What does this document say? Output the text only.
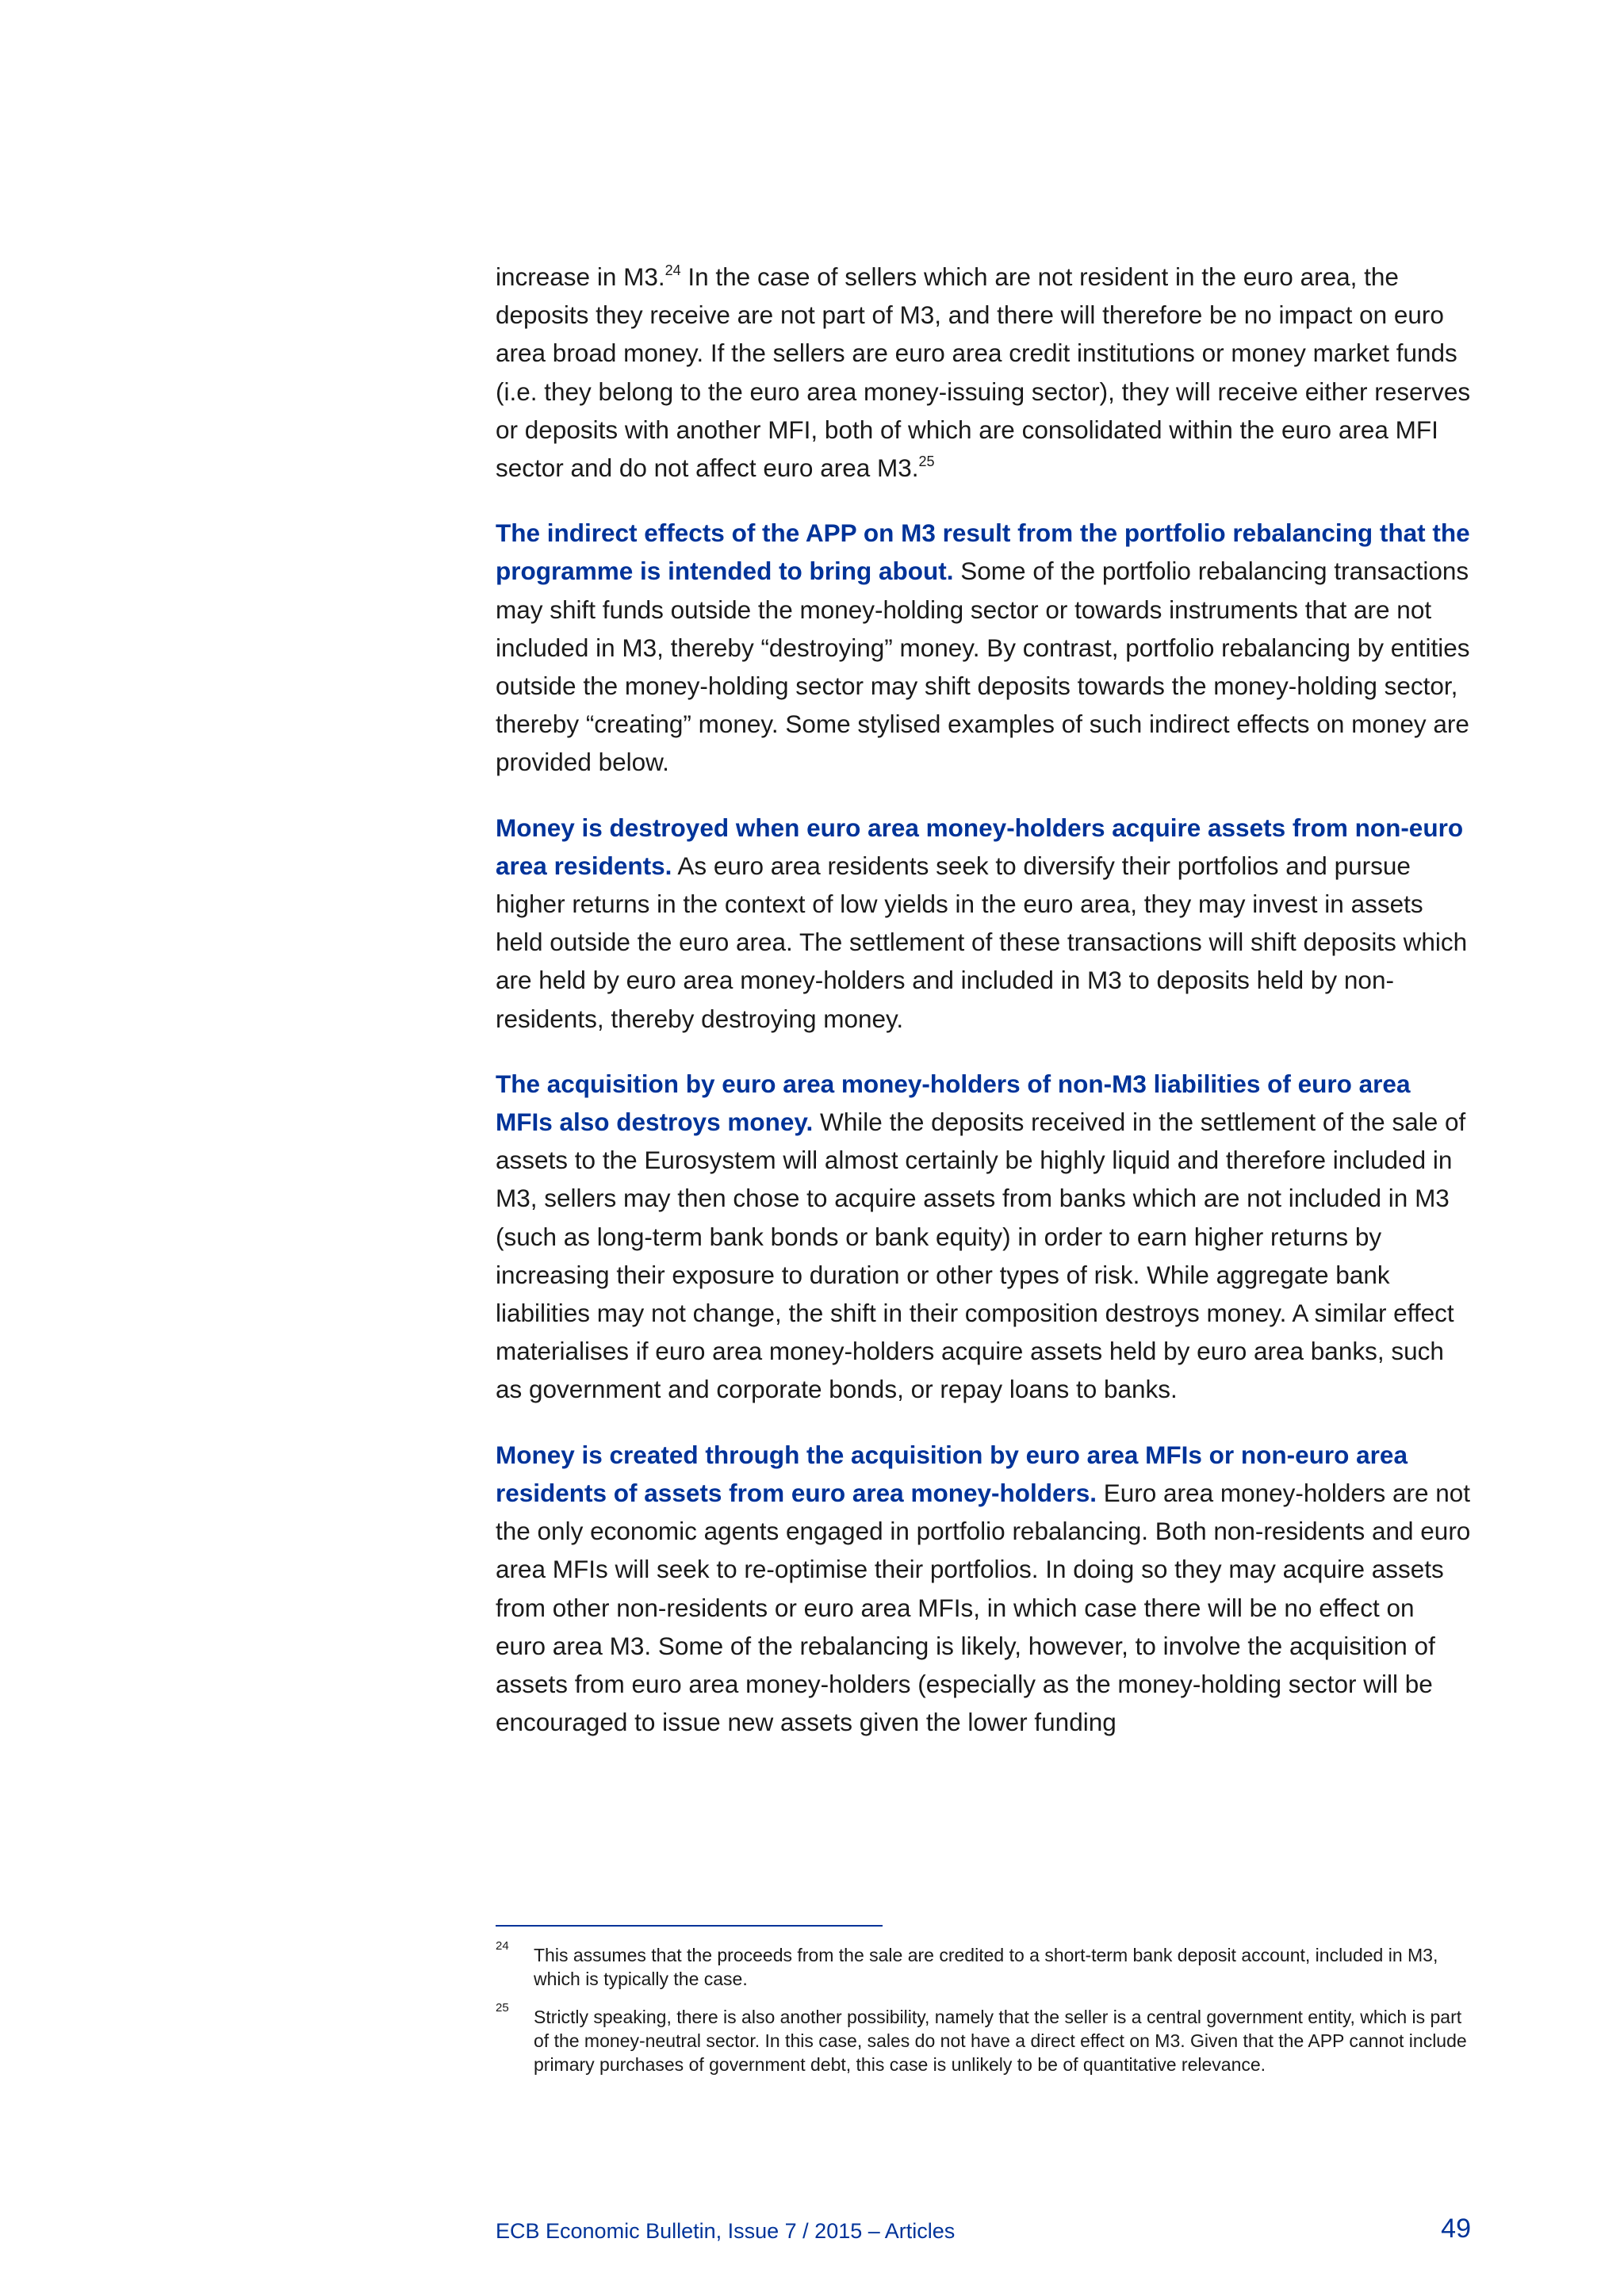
increase in M3.24 In the case of sellers which are not resident in the euro area, the deposits they receive are not part of M3, and there will therefore be no impact on euro area broad money. If the sellers are euro area credit institutions or money market funds (i.e. they belong to the euro area money-issuing sector), they will receive either reserves or deposits with another MFI, both of which are consolidated within the euro area MFI sector and do not affect euro area M3.25

The indirect effects of the APP on M3 result from the portfolio rebalancing that the programme is intended to bring about. Some of the portfolio rebalancing transactions may shift funds outside the money-holding sector or towards instruments that are not included in M3, thereby “destroying” money. By contrast, portfolio rebalancing by entities outside the money-holding sector may shift deposits towards the money-holding sector, thereby “creating” money. Some stylised examples of such indirect effects on money are provided below.

Money is destroyed when euro area money-holders acquire assets from non-euro area residents. As euro area residents seek to diversify their portfolios and pursue higher returns in the context of low yields in the euro area, they may invest in assets held outside the euro area. The settlement of these transactions will shift deposits which are held by euro area money-holders and included in M3 to deposits held by non-residents, thereby destroying money.

The acquisition by euro area money-holders of non-M3 liabilities of euro area MFIs also destroys money. While the deposits received in the settlement of the sale of assets to the Eurosystem will almost certainly be highly liquid and therefore included in M3, sellers may then chose to acquire assets from banks which are not included in M3 (such as long-term bank bonds or bank equity) in order to earn higher returns by increasing their exposure to duration or other types of risk. While aggregate bank liabilities may not change, the shift in their composition destroys money. A similar effect materialises if euro area money-holders acquire assets held by euro area banks, such as government and corporate bonds, or repay loans to banks.

Money is created through the acquisition by euro area MFIs or non-euro area residents of assets from euro area money-holders. Euro area money-holders are not the only economic agents engaged in portfolio rebalancing. Both non-residents and euro area MFIs will seek to re-optimise their portfolios. In doing so they may acquire assets from other non-residents or euro area MFIs, in which case there will be no effect on euro area M3. Some of the rebalancing is likely, however, to involve the acquisition of assets from euro area money-holders (especially as the money-holding sector will be encouraged to issue new assets given the lower funding

24 This assumes that the proceeds from the sale are credited to a short-term bank deposit account, included in M3, which is typically the case.
25 Strictly speaking, there is also another possibility, namely that the seller is a central government entity, which is part of the money-neutral sector. In this case, sales do not have a direct effect on M3. Given that the APP cannot include primary purchases of government debt, this case is unlikely to be of quantitative relevance.
ECB Economic Bulletin, Issue 7 / 2015 – Articles	49
